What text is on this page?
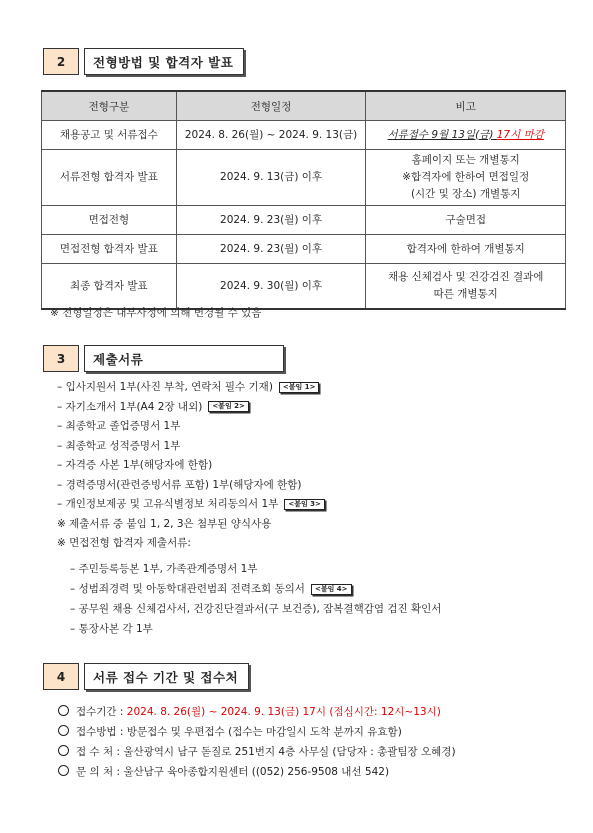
2	전형방법 및 합격자 발표
전형구분	전형일정	비고
채용공고 및 서류접수	2024. 8. 26(월) ~ 2024. 9. 13(금)	서류접수 9월 13일(금) 17시 마감
서류전형 합격자 발표	2024. 9. 13(금) 이후	홈페이지 또는 개별통지
※합격자에 한하여 면접일정
(시간 및 장소) 개별통지

면접전형	2024. 9. 23(월) 이후	구술면접
면접전형 합격자 발표	2024. 9. 23(월) 이후	합격자에 한하여 개별통지
최종 합격자 발표	2024. 9. 30(월) 이후	채용 신체검사 및 건강검진 결과에
따른 개별통지
※ 전형일정은 내부사정에 의해 변경될 수 있음
3	제출서류
– 입사지원서 1부(사진 부착, 연락처 필수 기재) <붙임 1>
– 자기소개서 1부(A4 2장 내외) <붙임 2>
– 최종학교 졸업증명서 1부
– 최종학교 성적증명서 1부
– 자격증 사본 1부(해당자에 한함)
– 경력증명서(관련증빙서류 포함) 1부(해당자에 한함)
– 개인정보제공 및 고유식별정보 처리동의서 1부 <붙임 3>
※ 제출서류 중 붙임 1, 2, 3은 첨부된 양식사용
※ 면접전형 합격자 제출서류:
– 주민등록등본 1부, 가족관계증명서 1부
– 성범죄경력 및 아동학대관련범죄 전력조회 동의서 <붙임 4>
– 공무원 채용 신체검사서, 건강진단결과서(구 보건증), 잠복결핵감염 검진 확인서
– 통장사본 각 1부
4	서류 접수 기간 및 접수처
접수기간 : 2024. 8. 26(월) ~ 2024. 9. 13(금) 17시 (점심시간: 12시~13시)
접수방법 : 방문접수 및 우편접수 (접수는 마감일시 도착 분까지 유효함)
접 수 처 : 울산광역시 남구 돋질로 251번지 4층 사무실 (담당자 : 총괄팀장 오혜경)
문 의 처 : 울산남구 육아종합지원센터 ((052) 256-9508 내선 542)
